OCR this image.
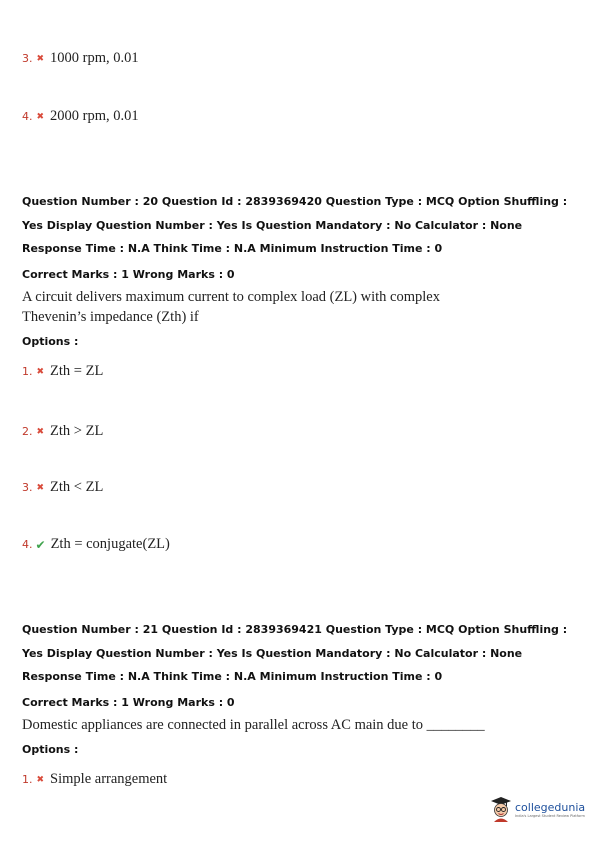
3. ✖ 1000 rpm, 0.01
4. ✖ 2000 rpm, 0.01
Question Number : 20 Question Id : 2839369420 Question Type : MCQ Option Shuffling : Yes Display Question Number : Yes Is Question Mandatory : No Calculator : None Response Time : N.A Think Time : N.A Minimum Instruction Time : 0
Correct Marks : 1 Wrong Marks : 0
A circuit delivers maximum current to complex load (ZL) with complex Thevenin’s impedance (Zth) if
Options :
1. ✖ Zth = ZL
2. ✖ Zth > ZL
3. ✖ Zth < ZL
4. ✔ Zth = conjugate(ZL)
Question Number : 21 Question Id : 2839369421 Question Type : MCQ Option Shuffling : Yes Display Question Number : Yes Is Question Mandatory : No Calculator : None Response Time : N.A Think Time : N.A Minimum Instruction Time : 0
Correct Marks : 1 Wrong Marks : 0
Domestic appliances are connected in parallel across AC main due to ________
Options :
1. ✖ Simple arrangement
collegedunia
India's Largest Student Review Platform
